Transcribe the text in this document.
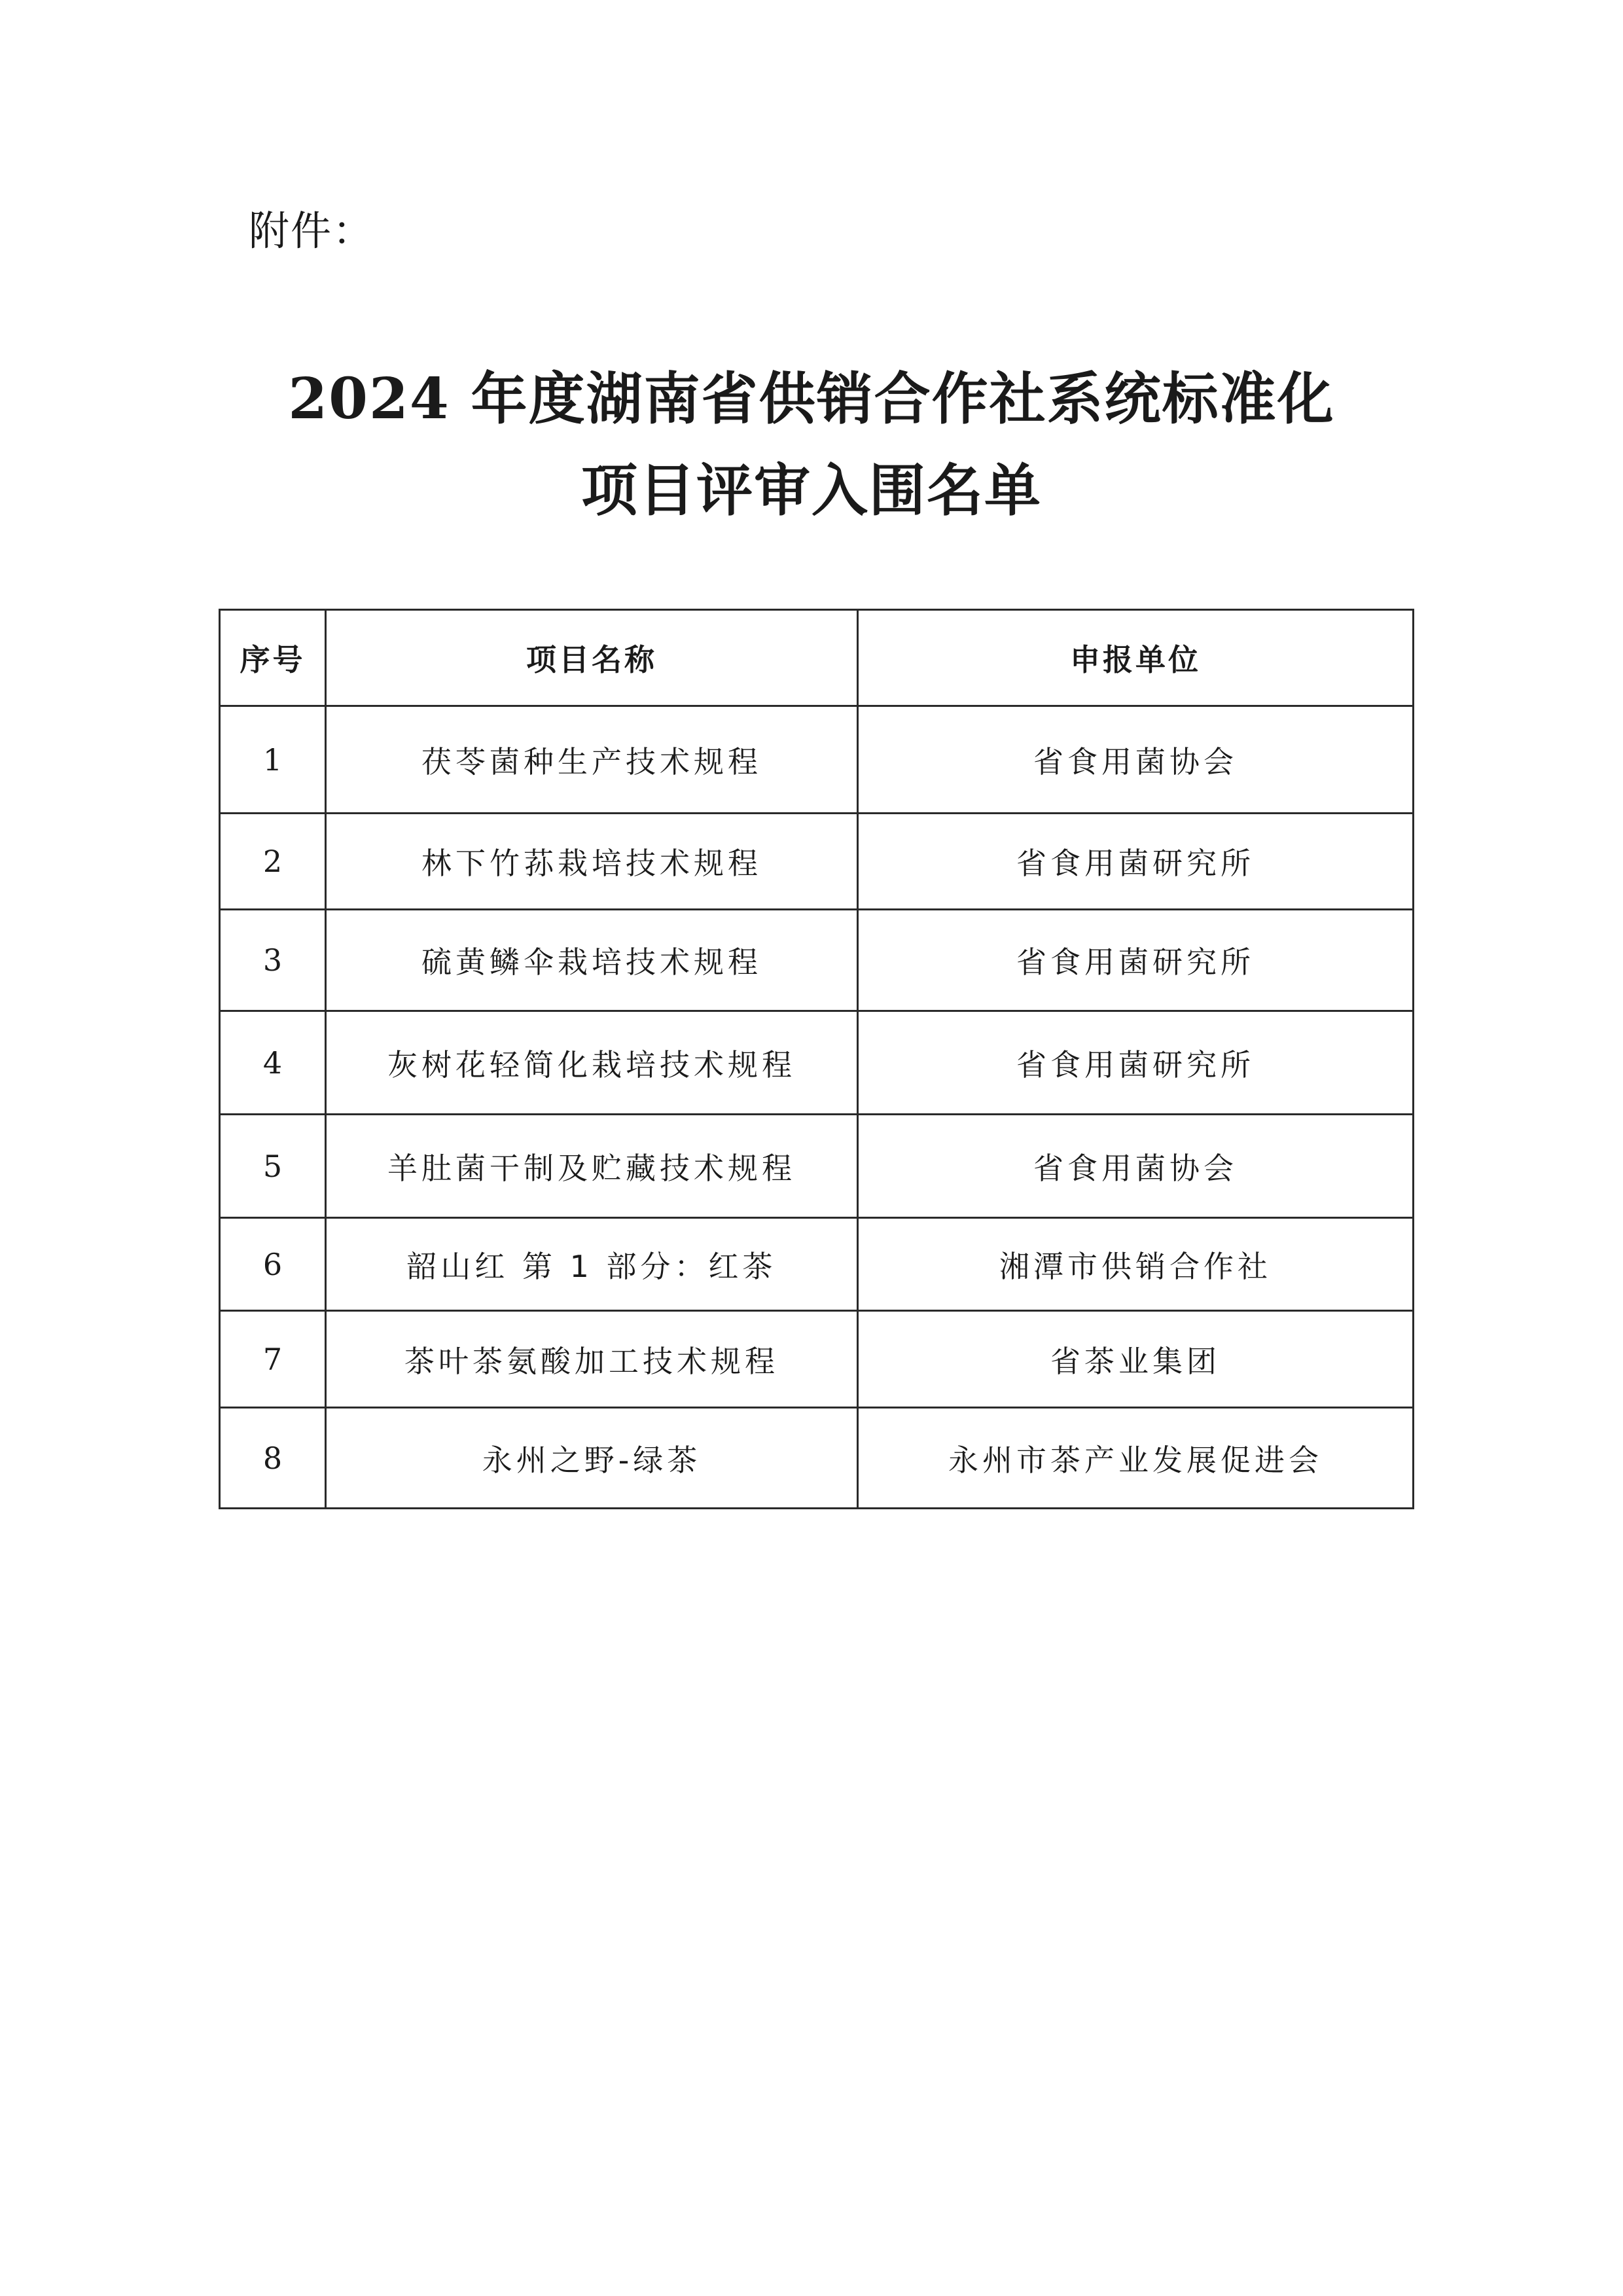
附件：
2024 年度湖南省供销合作社系统标准化
项目评审入围名单
序号	项目名称	申报单位
1	茯苓菌种生产技术规程	省食用菌协会
2	林下竹荪栽培技术规程	省食用菌研究所
3	硫黄鳞伞栽培技术规程	省食用菌研究所
4	灰树花轻简化栽培技术规程	省食用菌研究所
5	羊肚菌干制及贮藏技术规程	省食用菌协会
6	韶山红 第 1 部分：红茶	湘潭市供销合作社
7	茶叶茶氨酸加工技术规程	省茶业集团
8	永州之野-绿茶	永州市茶产业发展促进会
